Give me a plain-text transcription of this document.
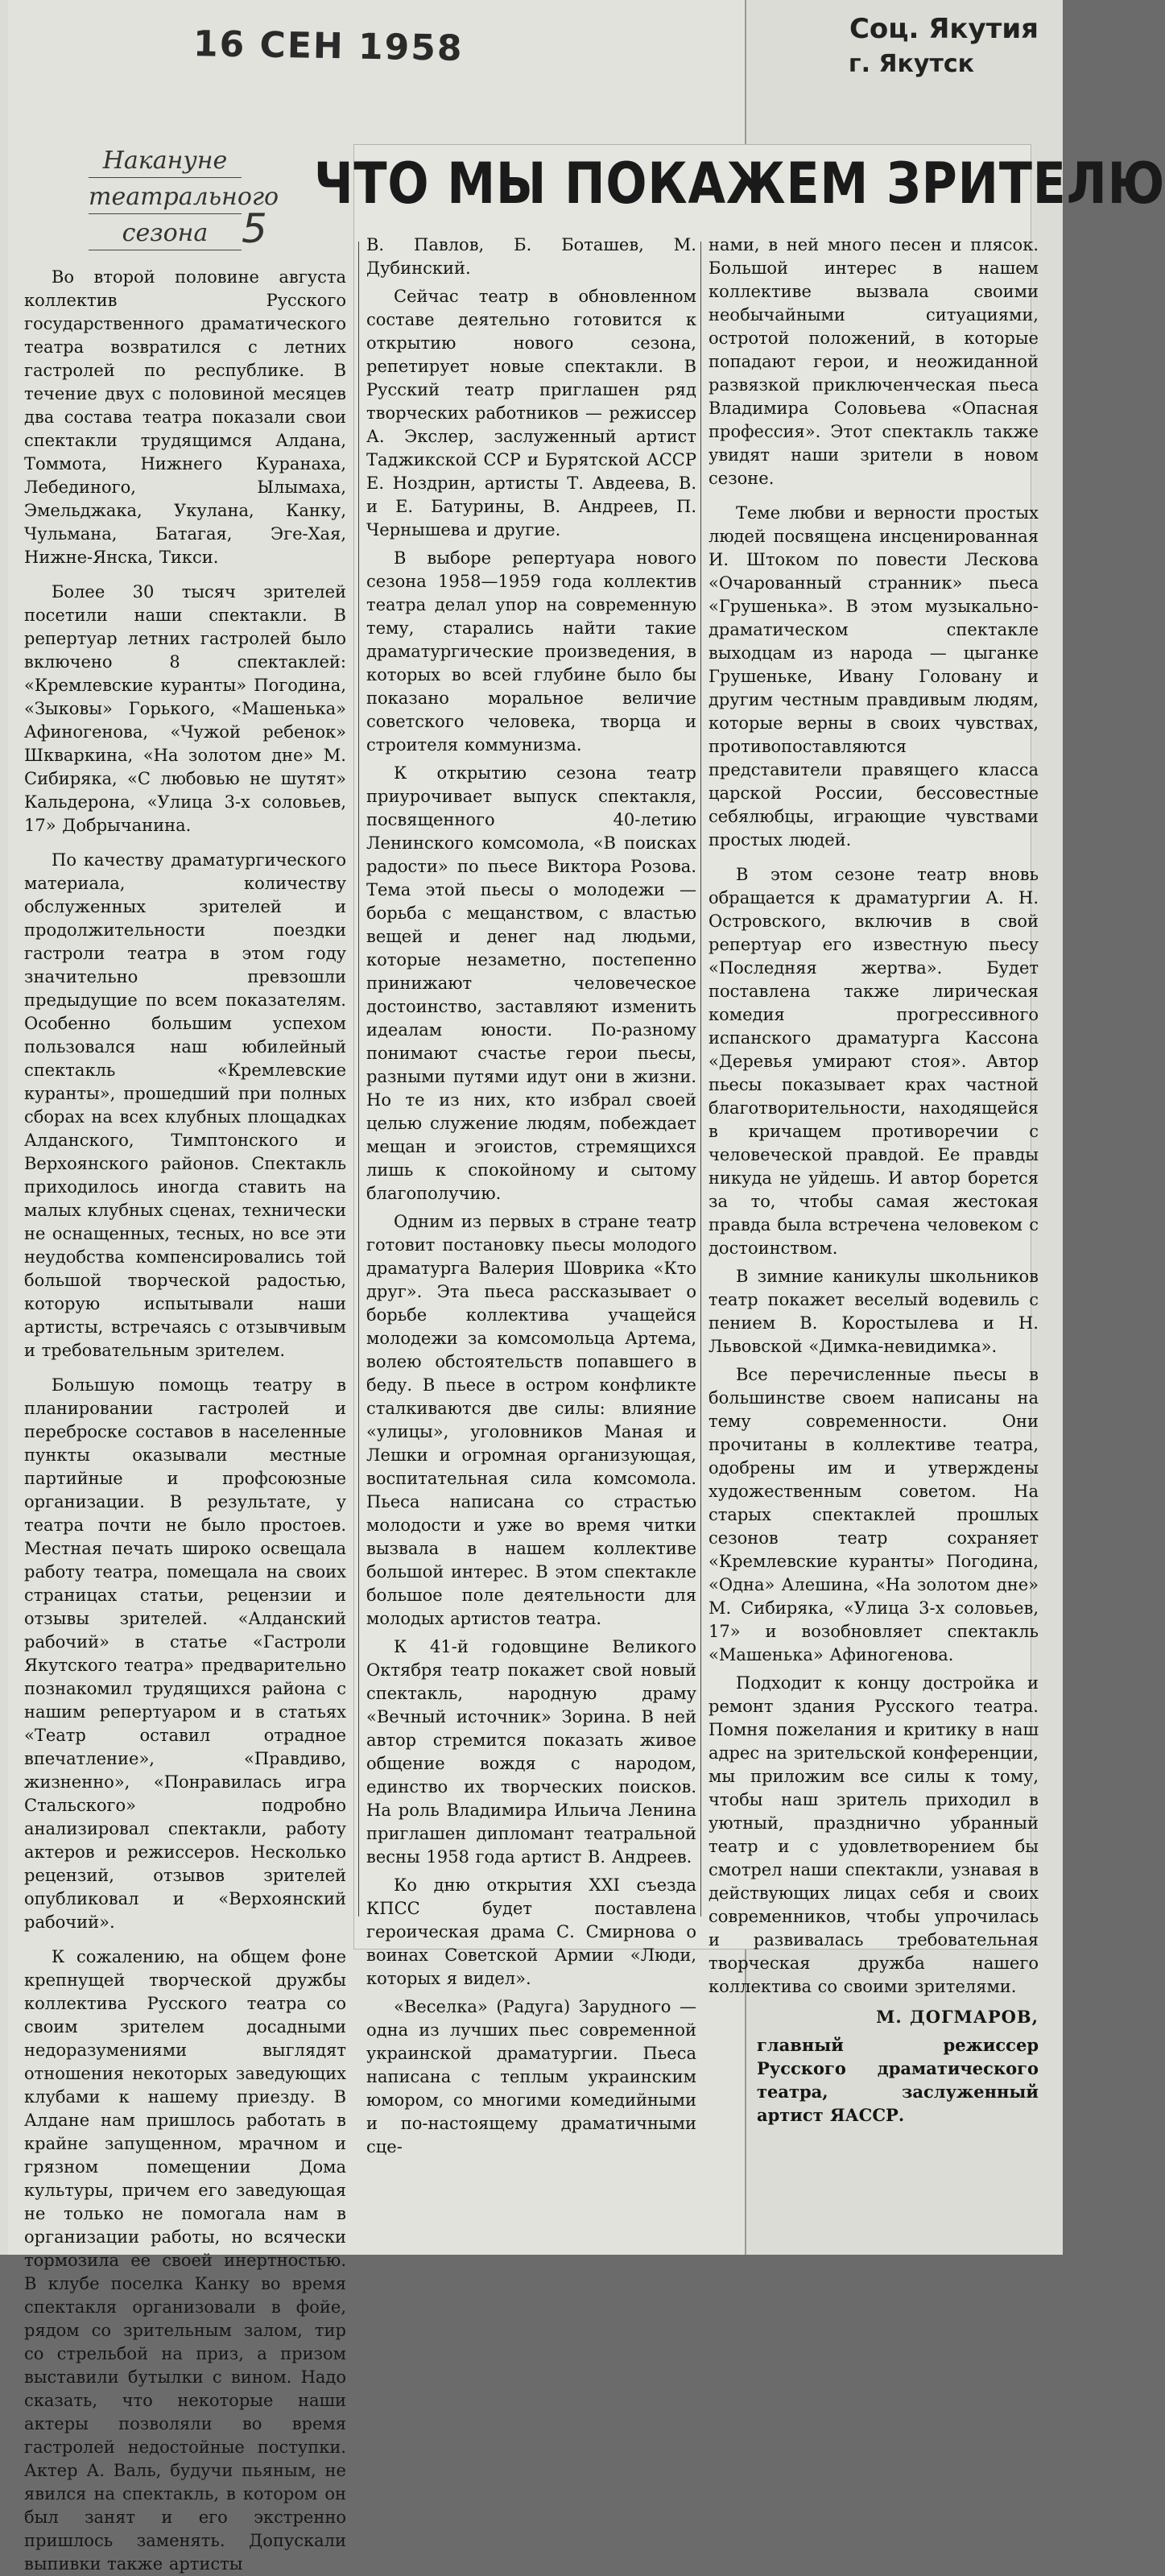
16 СЕН 1958	Соц. Якутия
г. Якутск
Накануне
театрального
сезона 5
ЧТО МЫ ПОКАЖЕМ ЗРИТЕЛЮ

Во второй половине августа коллектив Русского государственного драматического театра возвратился с летних гастролей по республике. В течение двух с половиной месяцев два состава театра показали свои спектакли трудящимся Алдана, Томмота, Нижнего Куранаха, Лебединого, Ылымаха, Эмельджака, Укулана, Канку, Чульмана, Батагая, Эге-Хая, Нижне-Янска, Тикси.

Более 30 тысяч зрителей посетили наши спектакли. В репертуар летних гастролей было включено 8 спектаклей: «Кремлевские куранты» Погодина, «Зыковы» Горького, «Машенька» Афиногенова, «Чужой ребенок» Шкваркина, «На золотом дне» М. Сибиряка, «С любовью не шутят» Кальдерона, «Улица 3-х соловьев, 17» Добрычанина.

По качеству драматургического материала, количеству обслуженных зрителей и продолжительности поездки гастроли театра в этом году значительно превзошли предыдущие по всем показателям. Особенно большим успехом пользовался наш юбилейный спектакль «Кремлевские куранты», прошедший при полных сборах на всех клубных площадках Алданского, Тимптонского и Верхоянского районов. Спектакль приходилось иногда ставить на малых клубных сценах, технически не оснащенных, тесных, но все эти неудобства компенсировались той большой творческой радостью, которую испытывали наши артисты, встречаясь с отзывчивым и требовательным зрителем.

Большую помощь театру в планировании гастролей и переброске составов в населенные пункты оказывали местные партийные и профсоюзные организации. В результате, у театра почти не было простоев. Местная печать широко освещала работу театра, помещала на своих страницах статьи, рецензии и отзывы зрителей. «Алданский рабочий» в статье «Гастроли Якутского театра» предварительно познакомил трудящихся района с нашим репертуаром и в статьях «Театр оставил отрадное впечатление», «Правдиво, жизненно», «Понравилась игра Стальского» подробно анализировал спектакли, работу актеров и режиссеров. Несколько рецензий, отзывов зрителей опубликовал и «Верхоянский рабочий».

К сожалению, на общем фоне крепнущей творческой дружбы коллектива Русского театра со своим зрителем досадными недоразумениями выглядят отношения некоторых заведующих клубами к нашему приезду. В Алдане нам пришлось работать в крайне запущенном, мрачном и грязном помещении Дома культуры, причем его заведующая не только не помогала нам в организации работы, но всячески тормозила ее своей инертностью. В клубе поселка Канку во время спектакля организовали в фойе, рядом со зрительным залом, тир со стрельбой на приз, а призом выставили бутылки с вином. Надо сказать, что некоторые наши актеры позволяли во время гастролей недостойные поступки. Актер А. Валь, будучи пьяным, не явился на спектакль, в котором он был занят и его экстренно пришлось заменять. Допускали выпивки также артисты

В. Павлов, Б. Боташев, М. Дубинский.

Сейчас театр в обновленном составе деятельно готовится к открытию нового сезона, репетирует новые спектакли. В Русский театр приглашен ряд творческих работников — режиссер А. Экслер, заслуженный артист Таджикской ССР и Бурятской АССР Е. Ноздрин, артисты Т. Авдеева, В. и Е. Батурины, В. Андреев, П. Чернышева и другие.

В выборе репертуара нового сезона 1958—1959 года коллектив театра делал упор на современную тему, старались найти такие драматургические произведения, в которых во всей глубине было бы показано моральное величие советского человека, творца и строителя коммунизма.

К открытию сезона театр приурочивает выпуск спектакля, посвященного 40-летию Ленинского комсомола, «В поисках радости» по пьесе Виктора Розова. Тема этой пьесы о молодежи — борьба с мещанством, с властью вещей и денег над людьми, которые незаметно, постепенно принижают человеческое достоинство, заставляют изменить идеалам юности. По-разному понимают счастье герои пьесы, разными путями идут они в жизни. Но те из них, кто избрал своей целью служение людям, побеждает мещан и эгоистов, стремящихся лишь к спокойному и сытому благополучию.

Одним из первых в стране театр готовит постановку пьесы молодого драматурга Валерия Шоврика «Кто друг». Эта пьеса рассказывает о борьбе коллектива учащейся молодежи за комсомольца Артема, волею обстоятельств попавшего в беду. В пьесе в остром конфликте сталкиваются две силы: влияние «улицы», уголовников Маная и Лешки и огромная организующая, воспитательная сила комсомола. Пьеса написана со страстью молодости и уже во время читки вызвала в нашем коллективе большой интерес. В этом спектакле большое поле деятельности для молодых артистов театра.

К 41-й годовщине Великого Октября театр покажет свой новый спектакль, народную драму «Вечный источник» Зорина. В ней автор стремится показать живое общение вождя с народом, единство их творческих поисков. На роль Владимира Ильича Ленина приглашен дипломант театральной весны 1958 года артист В. Андреев.

Ко дню открытия XXI съезда КПСС будет поставлена героическая драма С. Смирнова о воинах Советской Армии «Люди, которых я видел».

«Веселка» (Радуга) Зарудного — одна из лучших пьес современной украинской драматургии. Пьеса написана с теплым украинским юмором, со многими комедийными и по-настоящему драматичными сце-

нами, в ней много песен и плясок. Большой интерес в нашем коллективе вызвала своими необычайными ситуациями, остротой положений, в которые попадают герои, и неожиданной развязкой приключенческая пьеса Владимира Соловьева «Опасная профессия». Этот спектакль также увидят наши зрители в новом сезоне.

Теме любви и верности простых людей посвящена инсценированная И. Штоком по повести Лескова «Очарованный странник» пьеса «Грушенька». В этом музыкально-драматическом спектакле выходцам из народа — цыганке Грушеньке, Ивану Головану и другим честным правдивым людям, которые верны в своих чувствах, противопоставляются представители правящего класса царской России, бессовестные себялюбцы, играющие чувствами простых людей.

В этом сезоне театр вновь обращается к драматургии А. Н. Островского, включив в свой репертуар его известную пьесу «Последняя жертва». Будет поставлена также лирическая комедия прогрессивного испанского драматурга Кассона «Деревья умирают стоя». Автор пьесы показывает крах частной благотворительности, находящейся в кричащем противоречии с человеческой правдой. Ее правды никуда не уйдешь. И автор борется за то, чтобы самая жестокая правда была встречена человеком с достоинством.

В зимние каникулы школьников театр покажет веселый водевиль с пением В. Коростылева и Н. Львовской «Димка-невидимка».

Все перечисленные пьесы в большинстве своем написаны на тему современности. Они прочитаны в коллективе театра, одобрены им и утверждены художественным советом. На старых спектаклей прошлых сезонов театр сохраняет «Кремлевские куранты» Погодина, «Одна» Алешина, «На золотом дне» М. Сибиряка, «Улица 3-х соловьев, 17» и возобновляет спектакль «Машенька» Афиногенова.

Подходит к концу достройка и ремонт здания Русского театра. Помня пожелания и критику в наш адрес на зрительской конференции, мы приложим все силы к тому, чтобы наш зритель приходил в уютный, празднично убранный театр и с удовлетворением бы смотрел наши спектакли, узнавая в действующих лицах себя и своих современников, чтобы упрочилась и развивалась требовательная творческая дружба нашего коллектива со своими зрителями.

М. ДОГМАРОВ,

главный режиссер Русского драматического театра, заслуженный артист ЯАССР.
